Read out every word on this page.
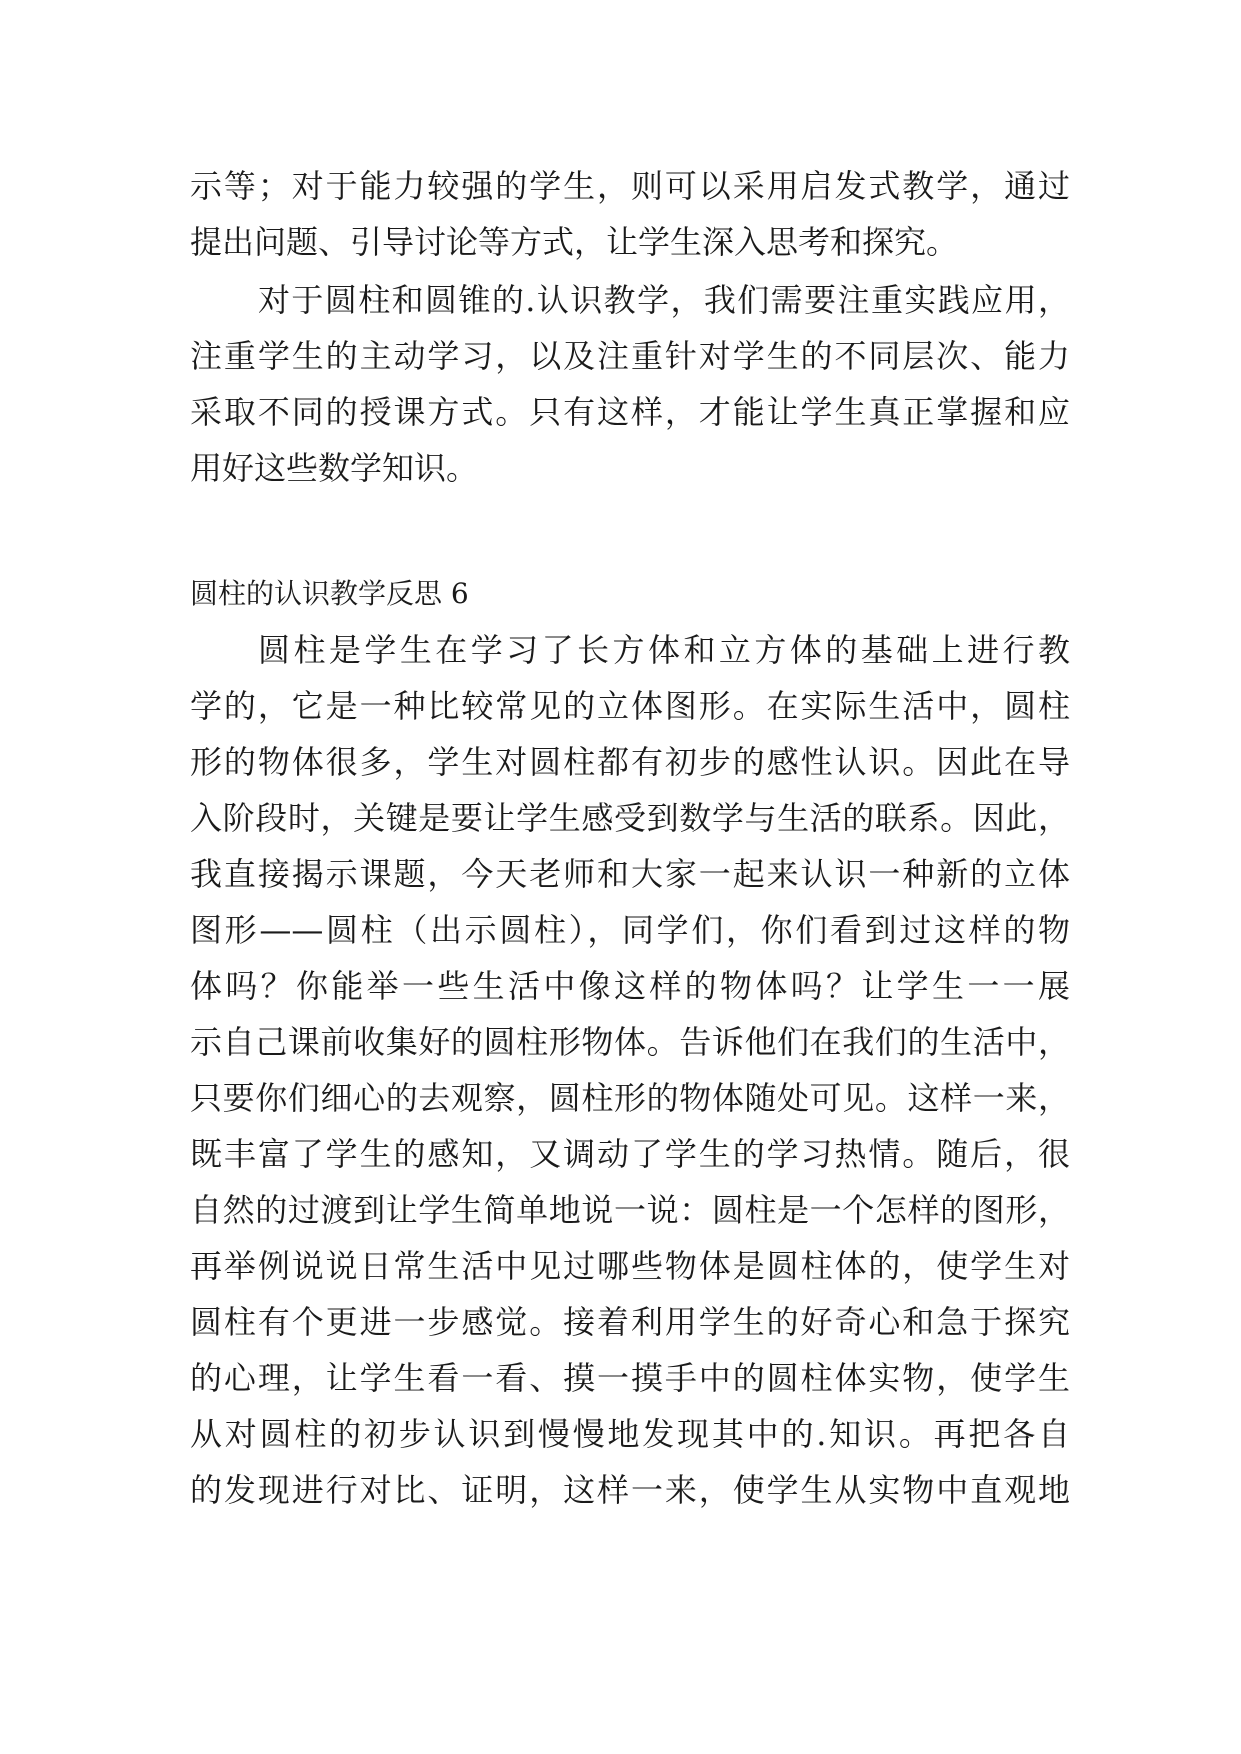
示等；对于能力较强的学生，则可以采用启发式教学，通过
提出问题、引导讨论等方式，让学生深入思考和探究。
对于圆柱和圆锥的.认识教学，我们需要注重实践应用，
注重学生的主动学习，以及注重针对学生的不同层次、能力
采取不同的授课方式。只有这样，才能让学生真正掌握和应
用好这些数学知识。
圆柱的认识教学反思 6
圆柱是学生在学习了长方体和立方体的基础上进行教
学的，它是一种比较常见的立体图形。在实际生活中，圆柱
形的物体很多，学生对圆柱都有初步的感性认识。因此在导
入阶段时，关键是要让学生感受到数学与生活的联系。因此，
我直接揭示课题，今天老师和大家一起来认识一种新的立体
图形——圆柱（出示圆柱），同学们，你们看到过这样的物
体吗？你能举一些生活中像这样的物体吗？让学生一一展
示自己课前收集好的圆柱形物体。告诉他们在我们的生活中，
只要你们细心的去观察，圆柱形的物体随处可见。这样一来，
既丰富了学生的感知，又调动了学生的学习热情。随后，很
自然的过渡到让学生简单地说一说：圆柱是一个怎样的图形，
再举例说说日常生活中见过哪些物体是圆柱体的，使学生对
圆柱有个更进一步感觉。接着利用学生的好奇心和急于探究
的心理，让学生看一看、摸一摸手中的圆柱体实物，使学生
从对圆柱的初步认识到慢慢地发现其中的.知识。再把各自
的发现进行对比、证明，这样一来，使学生从实物中直观地
